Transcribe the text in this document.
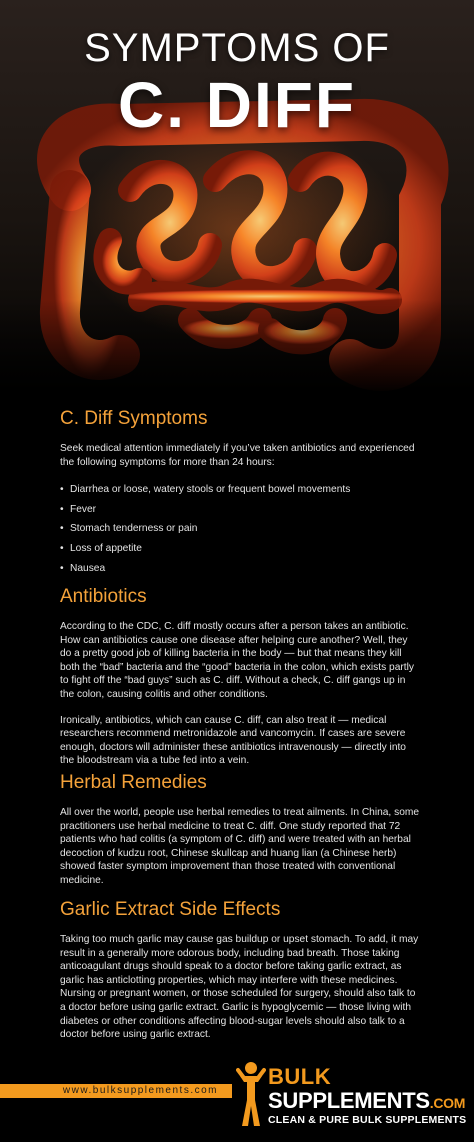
SYMPTOMS OF
C. DIFF
C. Diff Symptoms
Seek medical attention immediately if you’ve taken antibiotics and experienced the following symptoms for more than 24 hours:
• Diarrhea or loose, watery stools or frequent bowel movements
• Fever
• Stomach tenderness or pain
• Loss of appetite
• Nausea
Antibiotics
According to the CDC, C. diff mostly occurs after a person takes an antibiotic. How can antibiotics cause one disease after helping cure another? Well, they do a pretty good job of killing bacteria in the body — but that means they kill both the “bad” bacteria and the “good” bacteria in the colon, which exists partly to fight off the “bad guys” such as C. diff. Without a check, C. diff gangs up in the colon, causing colitis and other conditions.
Ironically, antibiotics, which can cause C. diff, can also treat it — medical researchers recommend metronidazole and vancomycin. If cases are severe enough, doctors will administer these antibiotics intravenously — directly into the bloodstream via a tube fed into a vein.
Herbal Remedies
All over the world, people use herbal remedies to treat ailments. In China, some practitioners use herbal medicine to treat C. diff. One study reported that 72 patients who had colitis (a symptom of C. diff) and were treated with an herbal decoction of kudzu root, Chinese skullcap and huang lian (a Chinese herb) showed faster symptom improvement than those treated with conventional medicine.
Garlic Extract Side Effects
Taking too much garlic may cause gas buildup or upset stomach. To add, it may result in a generally more odorous body, including bad breath. Those taking anticoagulant drugs should speak to a doctor before taking garlic extract, as garlic has anticlotting properties, which may interfere with these medicines. Nursing or pregnant women, or those scheduled for surgery, should also talk to a doctor before using garlic extract. Garlic is hypoglycemic — those living with diabetes or other conditions affecting blood-sugar levels should also talk to a doctor before using garlic extract.
www.bulksupplements.com
BULK
SUPPLEMENTS.COM
CLEAN & PURE BULK SUPPLEMENTS
